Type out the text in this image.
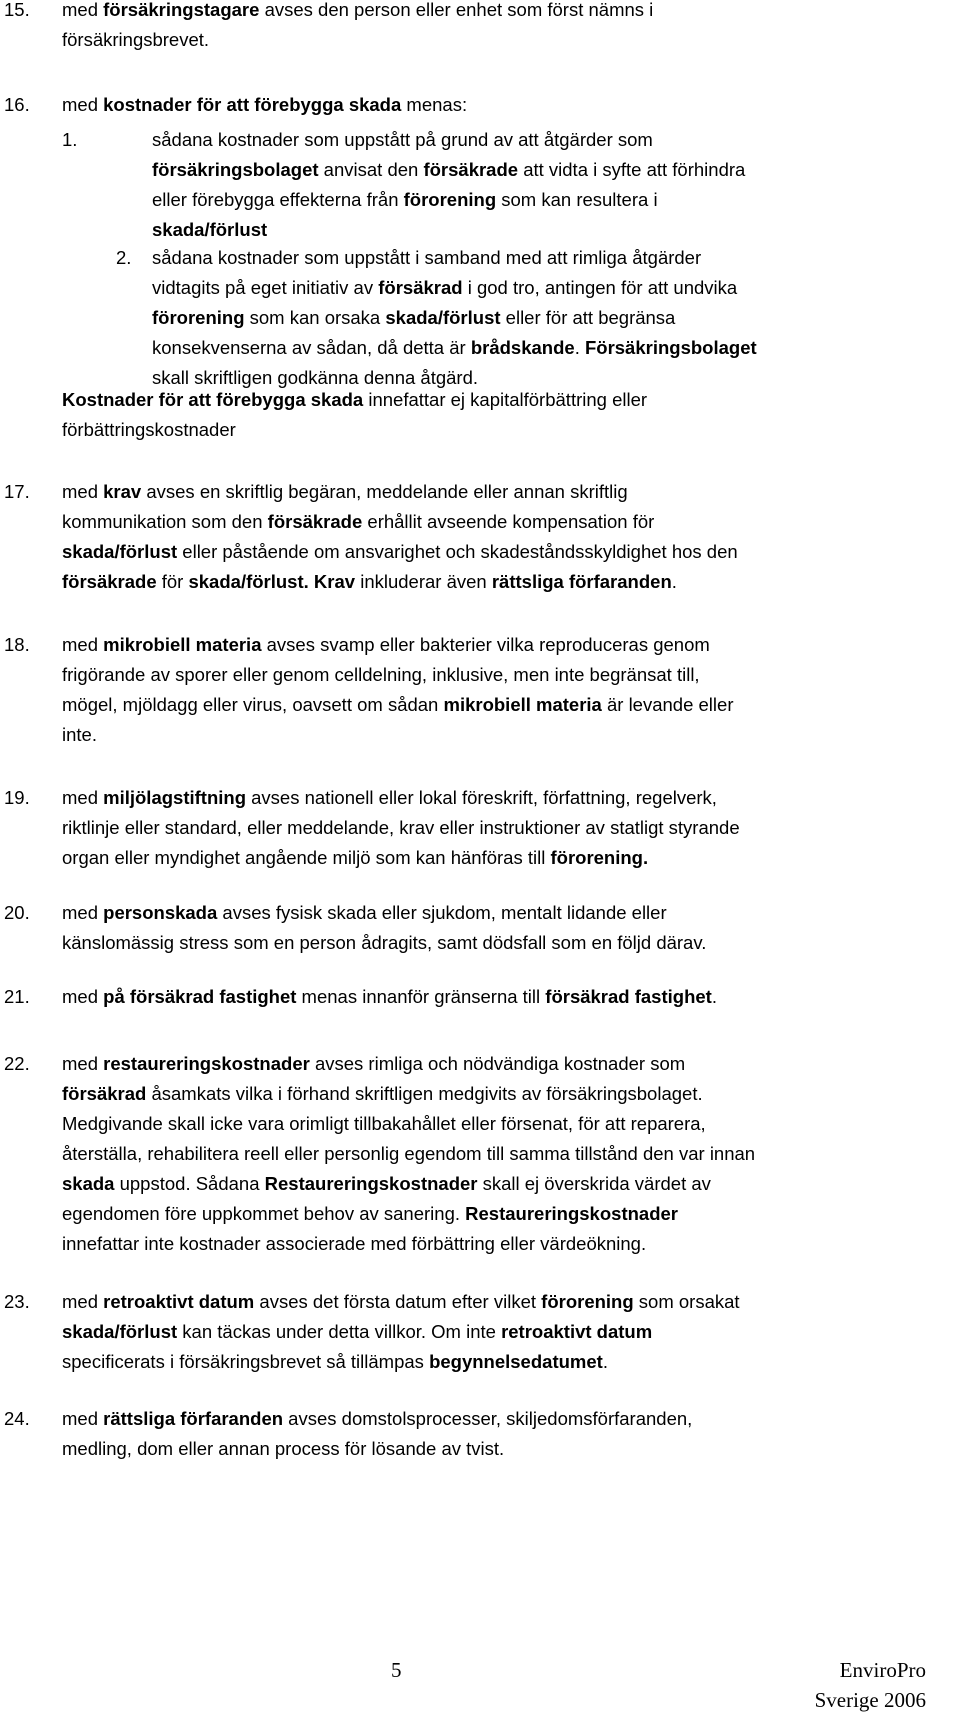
15.	med försäkringstagare avses den person eller enhet som först nämns i
försäkringsbrevet.
16.	med kostnader för att förebygga skada menas:
1.	sådana kostnader som uppstått på grund av att åtgärder som
försäkringsbolaget anvisat den försäkrade att vidta i syfte att förhindra
eller förebygga effekterna från förorening som kan resultera i
skada/förlust
2.	sådana kostnader som uppstått i samband med att rimliga åtgärder
vidtagits på eget initiativ av försäkrad i god tro, antingen för att undvika
förorening som kan orsaka skada/förlust eller för att begränsa
konsekvenserna av sådan, då detta är brådskande. Försäkringsbolaget
skall skriftligen godkänna denna åtgärd.
Kostnader för att förebygga skada innefattar ej kapitalförbättring eller
förbättringskostnader
17.	med krav avses en skriftlig begäran, meddelande eller annan skriftlig
kommunikation som den försäkrade erhållit avseende kompensation för
skada/förlust eller påstående om ansvarighet och skadeståndsskyldighet hos den
försäkrade för skada/förlust. Krav inkluderar även rättsliga förfaranden.
18.	med mikrobiell materia avses svamp eller bakterier vilka reproduceras genom
frigörande av sporer eller genom celldelning, inklusive, men inte begränsat till,
mögel, mjöldagg eller virus, oavsett om sådan mikrobiell materia är levande eller
inte.
19.	med miljölagstiftning avses nationell eller lokal föreskrift, författning, regelverk,
riktlinje eller standard, eller meddelande, krav eller instruktioner av statligt styrande
organ eller myndighet angående miljö som kan hänföras till förorening.
20.	med personskada avses fysisk skada eller sjukdom, mentalt lidande eller
känslomässig stress som en person ådragits, samt dödsfall som en följd därav.
21.	med på försäkrad fastighet menas innanför gränserna till försäkrad fastighet.
22.	med restaureringskostnader avses rimliga och nödvändiga kostnader som
försäkrad åsamkats vilka i förhand skriftligen medgivits av försäkringsbolaget.
Medgivande skall icke vara orimligt tillbakahållet eller försenat, för att reparera,
återställa, rehabilitera reell eller personlig egendom till samma tillstånd den var innan
skada uppstod. Sådana Restaureringskostnader skall ej överskrida värdet av
egendomen före uppkommet behov av sanering. Restaureringskostnader
innefattar inte kostnader associerade med förbättring eller värdeökning.
23.	med retroaktivt datum avses det första datum efter vilket förorening som orsakat
skada/förlust kan täckas under detta villkor. Om inte retroaktivt datum
specificerats i försäkringsbrevet så tillämpas begynnelsedatumet.
24.	med rättsliga förfaranden avses domstolsprocesser, skiljedomsförfaranden,
medling, dom eller annan process för lösande av tvist.
5	EnviroPro
Sverige 2006
